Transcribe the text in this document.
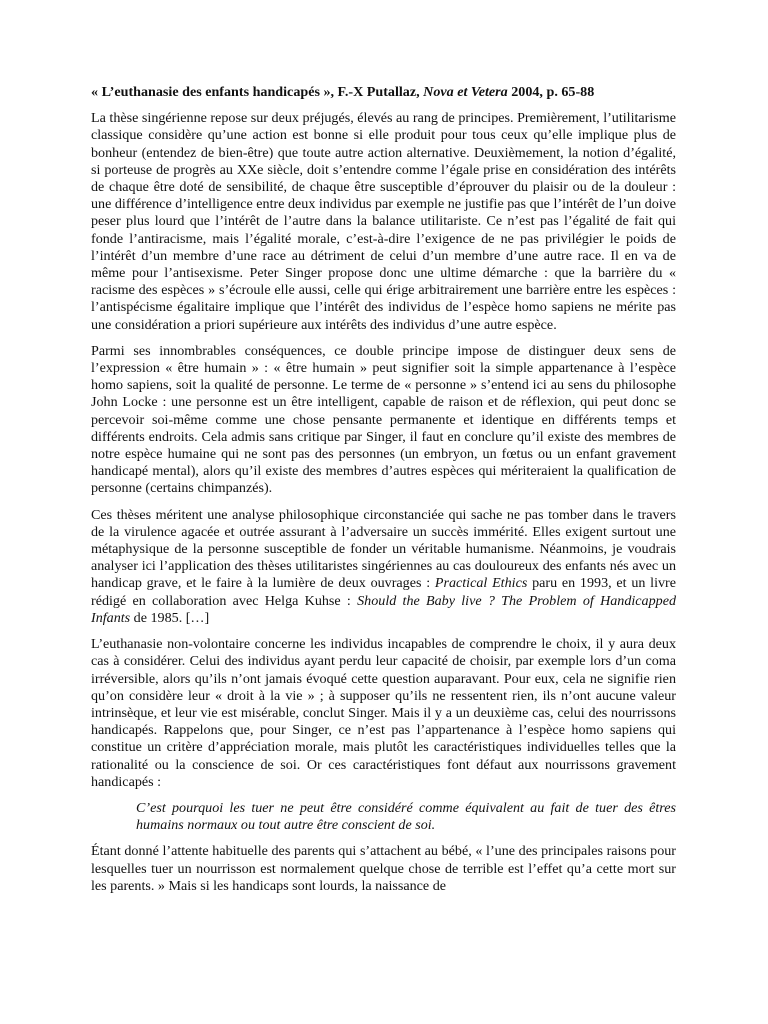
« L’euthanasie des enfants handicapés », F.-X Putallaz, Nova et Vetera 2004, p. 65-88

La thèse singérienne repose sur deux préjugés, élevés au rang de principes. Premièrement, l’utilitarisme classique considère qu’une action est bonne si elle produit pour tous ceux qu’elle implique plus de bonheur (entendez de bien-être) que toute autre action alternative. Deuxièmement, la notion d’égalité, si porteuse de progrès au XXe siècle, doit s’entendre comme l’égale prise en considération des intérêts de chaque être doté de sensibilité, de chaque être susceptible d’éprouver du plaisir ou de la douleur : une différence d’intelligence entre deux individus par exemple ne justifie pas que l’intérêt de l’un doive peser plus lourd que l’intérêt de l’autre dans la balance utilitariste. Ce n’est pas l’égalité de fait qui fonde l’antiracisme, mais l’égalité morale, c’est-à-dire l’exigence de ne pas privilégier le poids de l’intérêt d’un membre d’une race au détriment de celui d’un membre d’une autre race. Il en va de même pour l’antisexisme. Peter Singer propose donc une ultime démarche : que la barrière du « racisme des espèces » s’écroule elle aussi, celle qui érige arbitrairement une barrière entre les espèces : l’antispécisme égalitaire implique que l’intérêt des individus de l’espèce homo sapiens ne mérite pas une considération a priori supérieure aux intérêts des individus d’une autre espèce.

Parmi ses innombrables conséquences, ce double principe impose de distinguer deux sens de l’expression « être humain » : « être humain » peut signifier soit la simple appartenance à l’espèce homo sapiens, soit la qualité de personne. Le terme de « personne » s’entend ici au sens du philosophe John Locke : une personne est un être intelligent, capable de raison et de réflexion, qui peut donc se percevoir soi-même comme une chose pensante permanente et identique en différents temps et différents endroits. Cela admis sans critique par Singer, il faut en conclure qu’il existe des membres de notre espèce humaine qui ne sont pas des personnes (un embryon, un fœtus ou un enfant gravement handicapé mental), alors qu’il existe des membres d’autres espèces qui mériteraient la qualification de personne (certains chimpanzés).

Ces thèses méritent une analyse philosophique circonstanciée qui sache ne pas tomber dans le travers de la virulence agacée et outrée assurant à l’adversaire un succès immérité. Elles exigent surtout une métaphysique de la personne susceptible de fonder un véritable humanisme. Néanmoins, je voudrais analyser ici l’application des thèses utilitaristes singériennes au cas douloureux des enfants nés avec un handicap grave, et le faire à la lumière de deux ouvrages : Practical Ethics paru en 1993, et un livre rédigé en collaboration avec Helga Kuhse : Should the Baby live ? The Problem of Handicapped Infants de 1985. […]

L’euthanasie non-volontaire concerne les individus incapables de comprendre le choix, il y aura deux cas à considérer. Celui des individus ayant perdu leur capacité de choisir, par exemple lors d’un coma irréversible, alors qu’ils n’ont jamais évoqué cette question auparavant. Pour eux, cela ne signifie rien qu’on considère leur « droit à la vie » ; à supposer qu’ils ne ressentent rien, ils n’ont aucune valeur intrinsèque, et leur vie est misérable, conclut Singer. Mais il y a un deuxième cas, celui des nourrissons handicapés. Rappelons que, pour Singer, ce n’est pas l’appartenance à l’espèce homo sapiens qui constitue un critère d’appréciation morale, mais plutôt les caractéristiques individuelles telles que la rationalité ou la conscience de soi. Or ces caractéristiques font défaut aux nourrissons gravement handicapés :

C’est pourquoi les tuer ne peut être considéré comme équivalent au fait de tuer des êtres humains normaux ou tout autre être conscient de soi.

Étant donné l’attente habituelle des parents qui s’attachent au bébé, « l’une des principales raisons pour lesquelles tuer un nourrisson est normalement quelque chose de terrible est l’effet qu’a cette mort sur les parents. » Mais si les handicaps sont lourds, la naissance de
